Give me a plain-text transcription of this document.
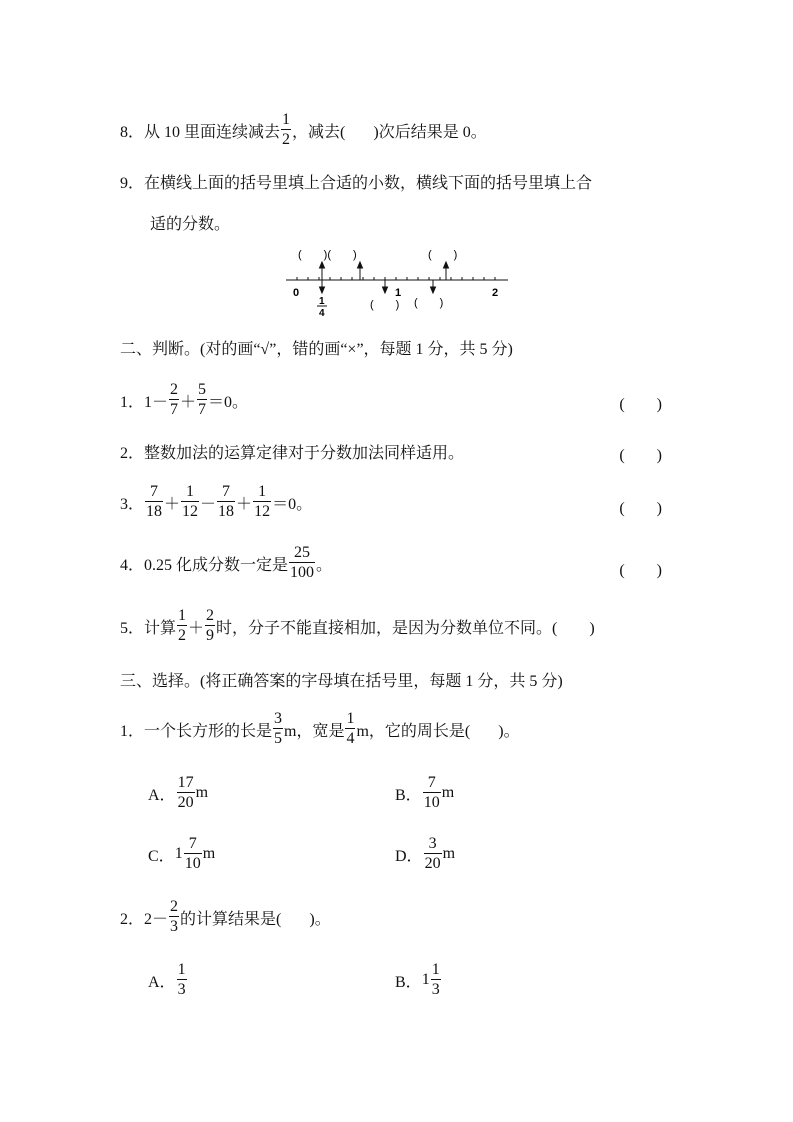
8． 从 10 里面连续减去 $\frac{1}{2}$ ，减去( )次后结果是 0。
9． 在横线上面的括号里填上合适的小数，横线下面的括号里填上合
适的分数。
0	1	2
1
4
(　　)(　　)	(　　)
(　　) (　　)
二、判断。(对的画“√”，错的画“×”，每题 1 分，共 5 分)
1． $1- \frac{2}{7} + \frac{5}{7} =0$。	(　　)
2． 整数加法的运算定律对于分数加法同样适用。	(　　)
3． $\frac{7}{18} + \frac{1}{12} - \frac{7}{18} + \frac{1}{12} =0$。	(　　)
4． 0.25 化成分数一定是 $\frac{25}{100}$ 。	(　　)
5． 计算 $\frac{1}{2} + \frac{2}{9}$ 时，分子不能直接相加，是因为分数单位不同。(　　)
三、选择。(将正确答案的字母填在括号里，每题 1 分，共 5 分)
1． 一个长方形的长是 $\frac{3}{5}$ m，宽是 $\frac{1}{4}$ m，它的周长是( )。
A． $\frac{17}{20}$ m	B． $\frac{7}{10}$ m
C． $1 \frac{7}{10}$ m	D． $\frac{3}{20}$ m
2． $2- \frac{2}{3}$ 的计算结果是( )。
A． $\frac{1}{3}$	B． $1 \frac{1}{3}$
